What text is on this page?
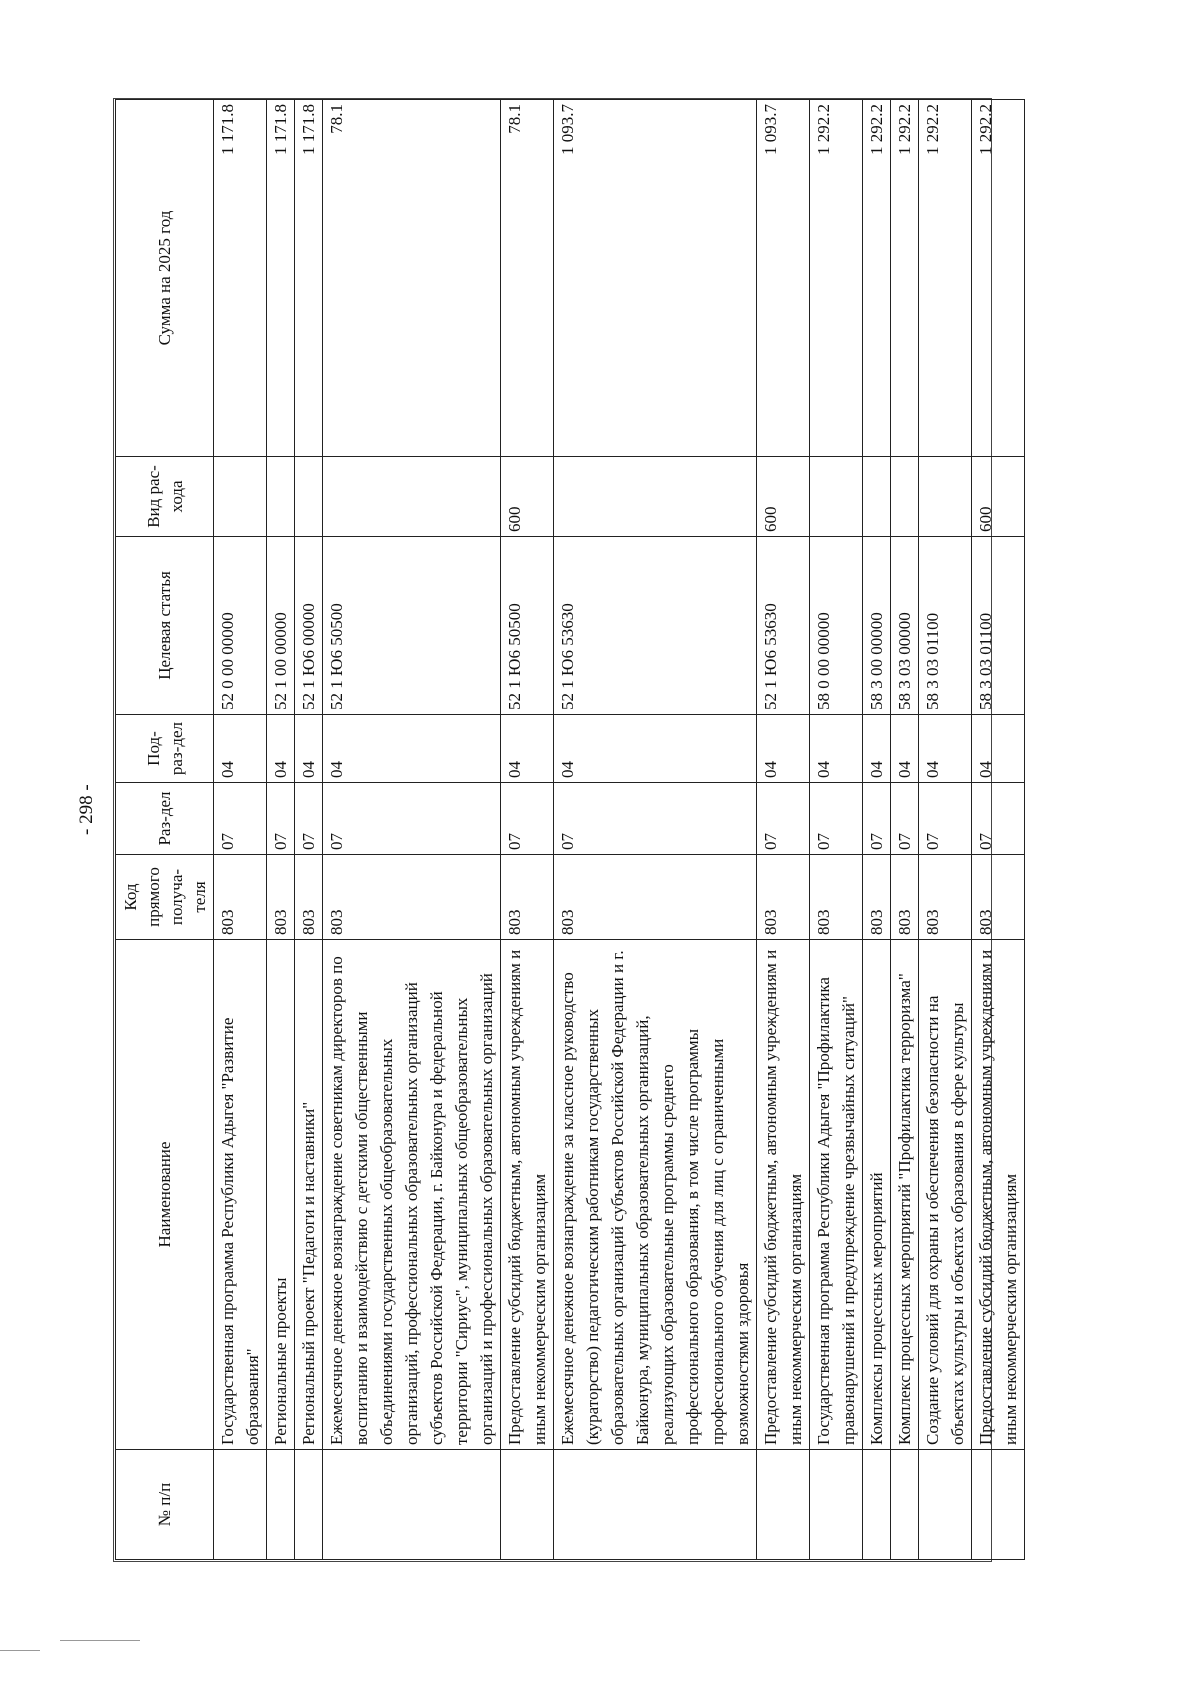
- 298 -
№ п/п	Наименование	Код прямого получа-теля	Раз-дел	Под-раз-дел	Целевая статья	Вид рас-хода	Сумма на 2025 год
	Государственная программа Республики Адыгея "Развитие образования"	803	07	04	52 0 00 00000		1 171.8
	Региональные проекты	803	07	04	52 1 00 00000		1 171.8
	Региональный проект "Педагоги и наставники"	803	07	04	52 1 Ю6 00000		1 171.8
	Ежемесячное денежное вознаграждение советникам директоров по воспитанию и взаимодействию с детскими общественными объединениями государственных общеобразовательных организаций, профессиональных образовательных организаций субъектов Российской Федерации, г. Байконура и федеральной территории "Сириус", муниципальных общеобразовательных организаций и профессиональных образовательных организаций	803	07	04	52 1 Ю6 50500		78.1
	Предоставление субсидий бюджетным, автономным учреждениям и иным некоммерческим организациям	803	07	04	52 1 Ю6 50500	600	78.1
	Ежемесячное денежное вознаграждение за классное руководство (кураторство) педагогическим работникам государственных образовательных организаций субъектов Российской Федерации и г. Байконура, муниципальных образовательных организаций, реализующих образовательные программы среднего профессионального образования, в том числе программы профессионального обучения для лиц с ограниченными возможностями здоровья	803	07	04	52 1 Ю6 53630		1 093.7
	Предоставление субсидий бюджетным, автономным учреждениям и иным некоммерческим организациям	803	07	04	52 1 Ю6 53630	600	1 093.7
	Государственная программа Республики Адыгея "Профилактика правонарушений и предупреждение чрезвычайных ситуаций"	803	07	04	58 0 00 00000		1 292.2
	Комплексы процессных мероприятий	803	07	04	58 3 00 00000		1 292.2
	Комплекс процессных мероприятий "Профилактика терроризма"	803	07	04	58 3 03 00000		1 292.2
	Создание условий для охраны и обеспечения безопасности на объектах культуры и объектах образования в сфере культуры	803	07	04	58 3 03 01100		1 292.2
	Предоставление субсидий бюджетным, автономным учреждениям и иным некоммерческим организациям	803	07	04	58 3 03 01100	600	1 292.2
